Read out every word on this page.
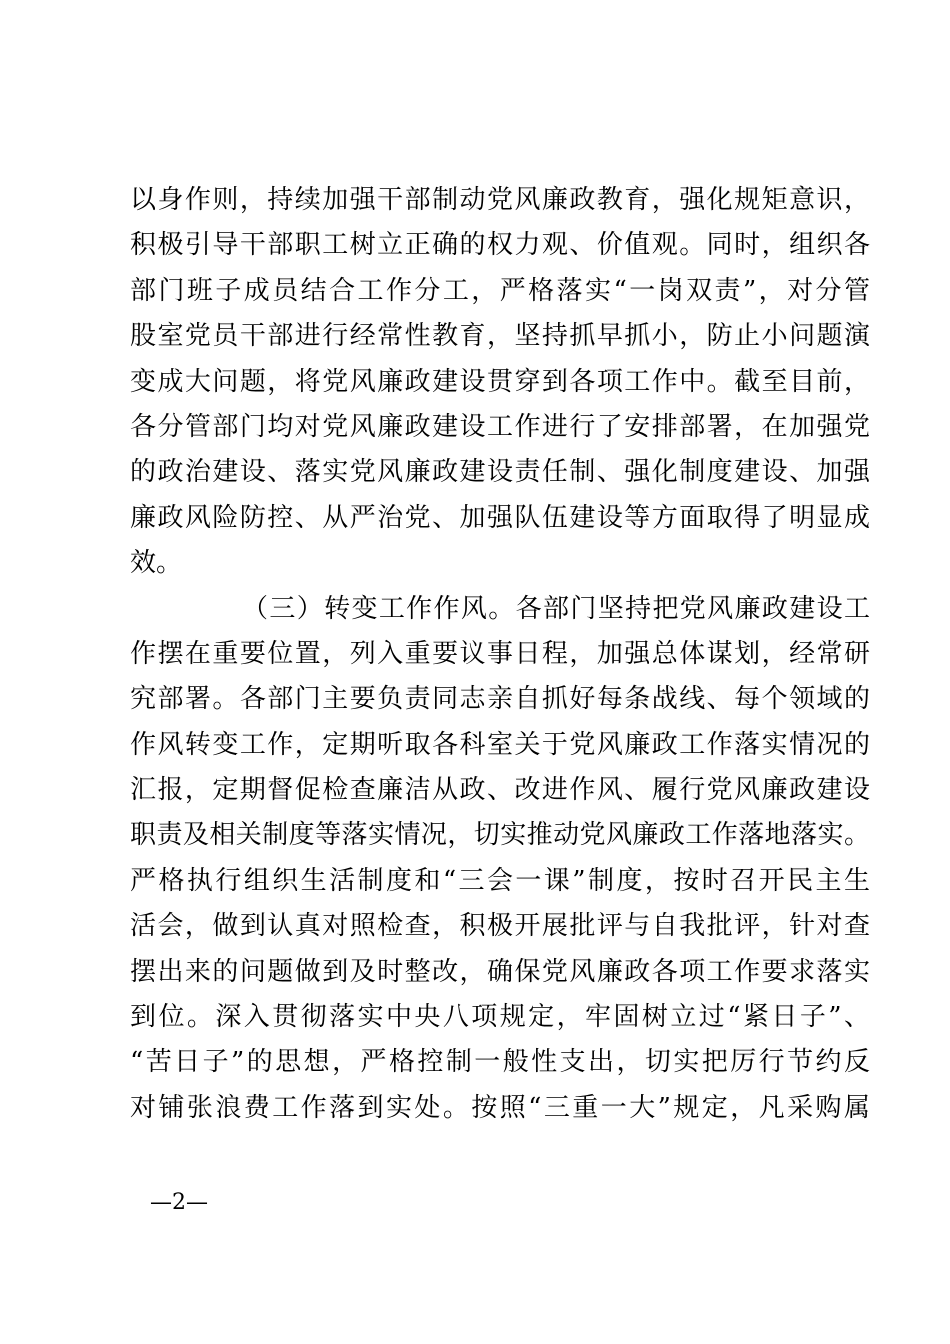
以身作则，持续加强干部制动党风廉政教育，强化规矩意识，
积极引导干部职工树立正确的权力观、价值观。同时，组织各
部门班子成员结合工作分工，严格落实“一岗双责”，对分管
股室党员干部进行经常性教育，坚持抓早抓小，防止小问题演
变成大问题，将党风廉政建设贯穿到各项工作中。截至目前，
各分管部门均对党风廉政建设工作进行了安排部署，在加强党
的政治建设、落实党风廉政建设责任制、强化制度建设、加强
廉政风险防控、从严治党、加强队伍建设等方面取得了明显成
效。
（三）转变工作作风。各部门坚持把党风廉政建设工
作摆在重要位置，列入重要议事日程，加强总体谋划，经常研
究部署。各部门主要负责同志亲自抓好每条战线、每个领域的
作风转变工作，定期听取各科室关于党风廉政工作落实情况的
汇报，定期督促检查廉洁从政、改进作风、履行党风廉政建设
职责及相关制度等落实情况，切实推动党风廉政工作落地落实。
严格执行组织生活制度和“三会一课”制度，按时召开民主生
活会，做到认真对照检查，积极开展批评与自我批评，针对查
摆出来的问题做到及时整改，确保党风廉政各项工作要求落实
到位。深入贯彻落实中央八项规定，牢固树立过“紧日子”、
“苦日子”的思想，严格控制一般性支出，切实把厉行节约反
对铺张浪费工作落到实处。按照“三重一大”规定，凡采购属
—2—
